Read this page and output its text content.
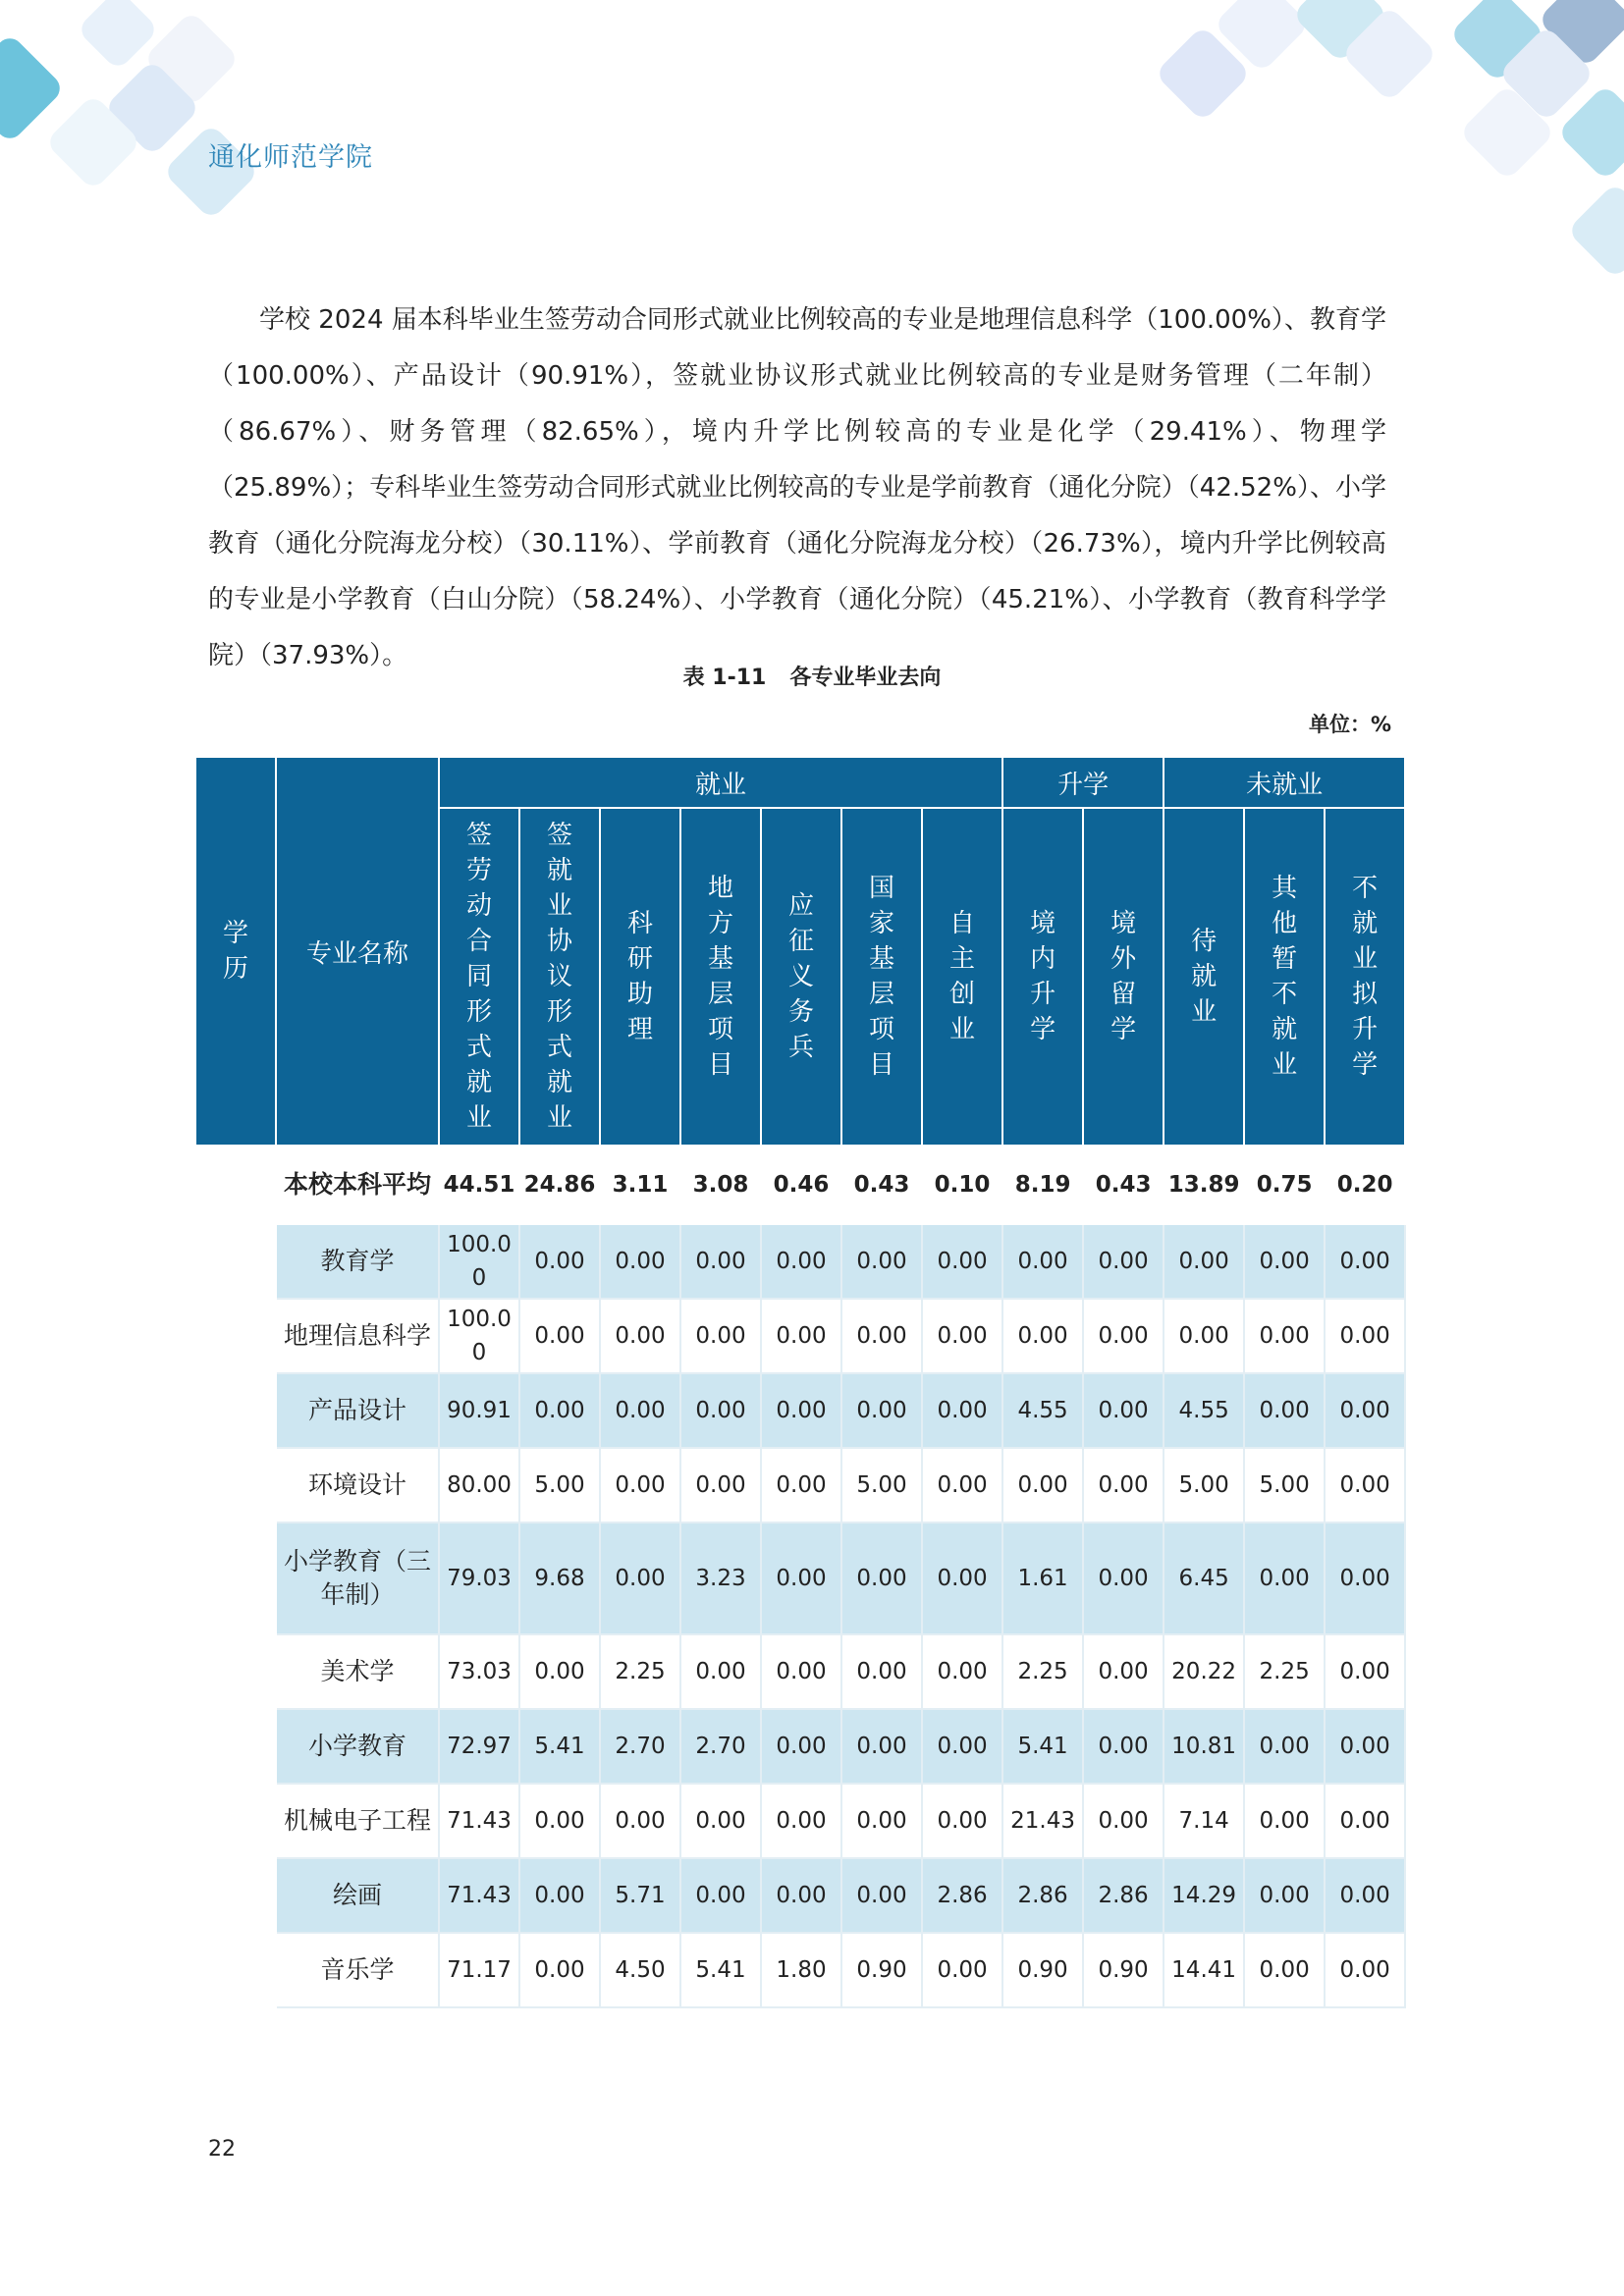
通化师范学院

学校 2024 届本科毕业生签劳动合同形式就业比例较高的专业是地理信息科学（100.00%）、教育学（100.00%）、产品设计（90.91%），签就业协议形式就业比例较高的专业是财务管理（二年制）（86.67%）、财务管理（82.65%），境内升学比例较高的专业是化学（29.41%）、物理学（25.89%）；专科毕业生签劳动合同形式就业比例较高的专业是学前教育（通化分院）（42.52%）、小学教育（通化分院海龙分校）（30.11%）、学前教育（通化分院海龙分校）（26.73%），境内升学比例较高的专业是小学教育（白山分院）（58.24%）、小学教育（通化分院）（45.21%）、小学教育（教育科学学院）（37.93%）。

表 1-11 各专业毕业去向
单位：%
学历	专业名称	就业							升学		未就业		
		签劳动合同形式就业	签就业协议形式就业	科研助理	地方基层项目	应征义务兵	国家基层项目	自主创业	境内升学	境外留学	待就业	其他暂不就业	不就业拟升学
本科	本校本科平均	44.51	24.86	3.11	3.08	0.46	0.43	0.10	8.19	0.43	13.89	0.75	0.20
	教育学	100.00	0.00	0.00	0.00	0.00	0.00	0.00	0.00	0.00	0.00	0.00	0.00
	地理信息科学	100.00	0.00	0.00	0.00	0.00	0.00	0.00	0.00	0.00	0.00	0.00	0.00
	产品设计	90.91	0.00	0.00	0.00	0.00	0.00	0.00	4.55	0.00	4.55	0.00	0.00
	环境设计	80.00	5.00	0.00	0.00	0.00	5.00	0.00	0.00	0.00	5.00	5.00	0.00
	小学教育（三年制）	79.03	9.68	0.00	3.23	0.00	0.00	0.00	1.61	0.00	6.45	0.00	0.00
	美术学	73.03	0.00	2.25	0.00	0.00	0.00	0.00	2.25	0.00	20.22	2.25	0.00
	小学教育	72.97	5.41	2.70	2.70	0.00	0.00	0.00	5.41	0.00	10.81	0.00	0.00
	机械电子工程	71.43	0.00	0.00	0.00	0.00	0.00	0.00	21.43	0.00	7.14	0.00	0.00
	绘画	71.43	0.00	5.71	0.00	0.00	0.00	2.86	2.86	2.86	14.29	0.00	0.00
	音乐学	71.17	0.00	4.50	5.41	1.80	0.90	0.00	0.90	0.90	14.41	0.00	0.00
22
